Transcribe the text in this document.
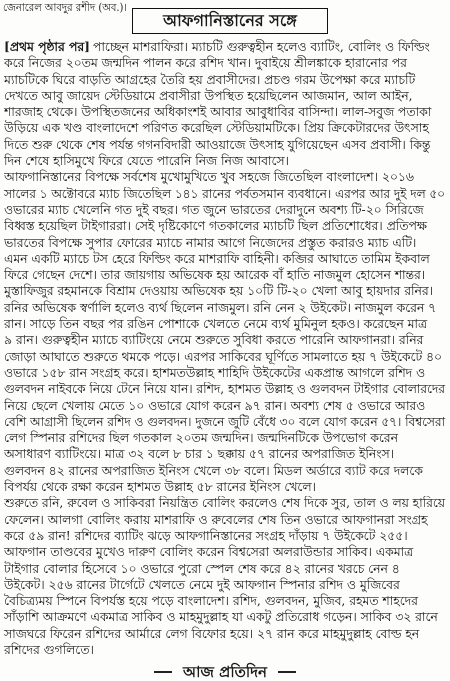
জেনারেল আবদুর রশীদ (অব.)।
আফগানিস্তানের সঙ্গে
[প্রথম পৃষ্ঠার পর] পাচ্ছেন মাশরাফিরা। ম্যাচটি গুরুত্বহীন হলেও ব্যাটিং, বোলিং ও ফিল্ডিং
করে নিজের ২০তম জন্মদিন পালন করে রশিদ খান। দুবাইয়ে শ্রীলঙ্কাকে হারানোর পর
ম্যাচটিকে ঘিরে বাড়তি আগ্রহের তৈরি হয় প্রবাসীদের। প্রচণ্ড গরম উপেক্ষা করে ম্যাচটি
দেখতে আবু জায়েদ স্টেডিয়ামে প্রবাসীরা উপস্থিত হয়েছিলেন আজমান, আল আইন,
শারজাহ থেকে। উপস্থিতজনের অধিকাংশই আবার আবুধাবির বাসিন্দা। লাল-সবুজ পতাকা
উড়িয়ে এক খণ্ড বাংলাদেশে পরিণত করেছিল স্টেডিয়ামটিকে। প্রিয় ক্রিকেটারদের উৎসাহ
দিতে শুরু থেকে শেষ পর্যন্ত গগনবিদারী আওয়াজে উৎসাহ যুগিয়েছেন এসব প্রবাসী। কিন্তু
দিন শেষে হাসিমুখে ফিরে যেতে পারেনি নিজ নিজ আবাসে।
আফগানিস্তানের বিপক্ষে সর্বশেষ মুখোমুখিতে খুব সহজে জিতেছিল বাংলাদেশ। ২০১৬
সালের ১ অক্টোবরে ম্যাচ জিতেছিল ১৪১ রানের পর্বতসমান ব্যবধানে। এরপর আর দুই দল ৫০
ওভারের ম্যাচ খেলেনি গত দুই বছর। গত জুনে ভারতের দেরাদুনে অবশ্য টি-২০ সিরিজে
বিধ্বস্ত হয়েছিল টাইগাররা। সেই দৃষ্টিকোণে গতকালের ম্যাচটি ছিল প্রতিশোধের। প্রতিপক্ষ
ভারতের বিপক্ষে সুপার ফোরের ম্যাচে নামার আগে নিজেদের প্রস্তুত করারও ম্যাচ এটি।
এমন একটি ম্যাচে টস হেরে ফিল্ডিং করে মাশরাফি বাহিনী। কব্জির আঘাতে তামিম ইকবাল
ফিরে গেছেন দেশে। তার জায়গায় অভিষেক হয় আরেক বাঁ হাতি নাজমুল হোসেন শান্তর।
মুস্তাফিজুর রহমানকে বিশ্রাম দেওয়ায় অভিষেক হয় ১০টি টি-২০ খেলা আবু হায়দার রনির।
রনির অভিষেক স্বর্ণালি হলেও ব্যর্থ ছিলেন নাজমুল। রনি নেন ২ উইকেট। নাজমুল করেন ৭
রান। সাড়ে তিন বছর পর রঙিন পোশাকে খেলতে নেমে ব্যর্থ মুমিনুল হকও। করেছেন মাত্র
৯ রান। গুরুত্বহীন ম্যাচে ব্যাটিংয়ে নেমে শুরুতে সুবিধা করতে পারেনি আফগানরা। রনির
জোড়া আঘাতে শুরুতে থমকে পড়ে। এরপর সাকিবের ঘূর্ণিতে সামলাতে হয় ৭ উইকেটে ৪০
ওভারে ১৫৮ রান সংগ্রহ করে। হাশমতউল্লাহ শাহিদি উইকেটের একপ্রান্ত আগলে রশিদ ও
গুলবদন নাইবকে নিয়ে টেনে নিয়ে যান। রশিদ, হাশমত উল্লাহ ও গুলবদন টাইগার বোলারদের
নিয়ে ছেলে খেলায় মেতে ১০ ওভারে যোগ করেন ৯৭ রান। অবশ্য শেষ ৫ ওভারে আরও
বেশি আগ্রাসী ছিলেন রশিদ ও গুলবদন। দুজনে জুটি বেঁধে ৩০ বলে যোগ করেন ৫৭। বিশ্বসেরা
লেগ স্পিনার রশিদের ছিল গতকাল ২০তম জন্মদিন। জন্মদিনটিকে উপভোগ করেন
অসাধারণ ব্যাটিংয়ে। মাত্র ৩২ বলে ৮ চার ১ ছক্কায় ৫৭ রানের অপরাজিত ইনিংস।
গুলবদন ৪২ রানের অপরাজিত ইনিংস খেলে ৩৮ বলে। মিডল অর্ডারে ব্যাট করে দলকে
বিপর্যয় থেকে রক্ষা করেন হাশমত উল্লাহ ৫৮ রানের ইনিংস খেলে।
শুরুতে রনি, রুবেল ও সাকিবরা নিয়ন্ত্রিত বোলিং করলেও শেষ দিকে সুর, তাল ও লয় হারিয়ে
ফেলেন। আলগা বোলিং করায় মাশরাফি ও রুবেলের শেষ তিন ওভারে আফগানরা সংগ্রহ
করে ৫৯ রান! রশিদের ব্যাটিং ঝড়ে আফগানিস্তানের সংগ্রহ দাঁড়ায় ৭ উইকেটে ২৫৫।
আফগান তাণ্ডবের মুখেও দারুণ বোলিং করেন বিশ্বসেরা অলরাউন্ডার সাকিব। একমাত্র
টাইগার বোলার হিসেবে ১০ ওভারে পুরো স্পেল শেষ করে ৪২ রানের খরচে নেন ৪
উইকেট। ২৫৬ রানের টার্গেটে খেলতে নেমে দুই আফগান স্পিনার রশিদ ও মুজিবের
বৈচিত্র্যময় স্পিনে বিপর্যস্ত হয়ে পড়ে বাংলাদেশ। রশিদ, গুলবদন, মুজিব, রহমত শাহদের
সাঁড়াশি আক্রমণে একমাত্র সাকিব ও মাহমুদুল্লাহ যা একটু প্রতিরোধ গড়েন। সাকিব ৩২ রানে
সাজঘরে ফিরেন রশিদের আর্মারে লেগ বিফোর হয়ে। ২৭ রান করে মাহমুদুল্লাহ বোল্ড হন
রশিদের গুগলিতে।
আজ প্রতিদিন
